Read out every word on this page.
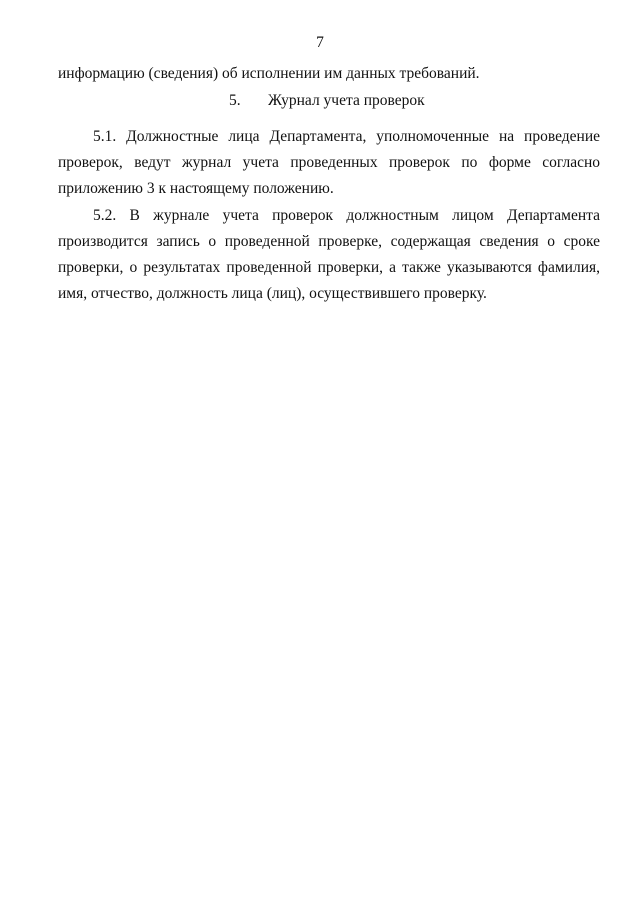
7
информацию (сведения) об исполнении им данных требований.
5. Журнал учета проверок
5.1. Должностные лица Департамента, уполномоченные на проведение
проверок, ведут журнал учета проведенных проверок по форме согласно
приложению 3 к настоящему положению.
5.2. В журнале учета проверок должностным лицом Департамента
производится запись о проведенной проверке, содержащая сведения о сроке
проверки, о результатах проведенной проверки, а также указываются фамилия,
имя, отчество, должность лица (лиц), осуществившего проверку.
